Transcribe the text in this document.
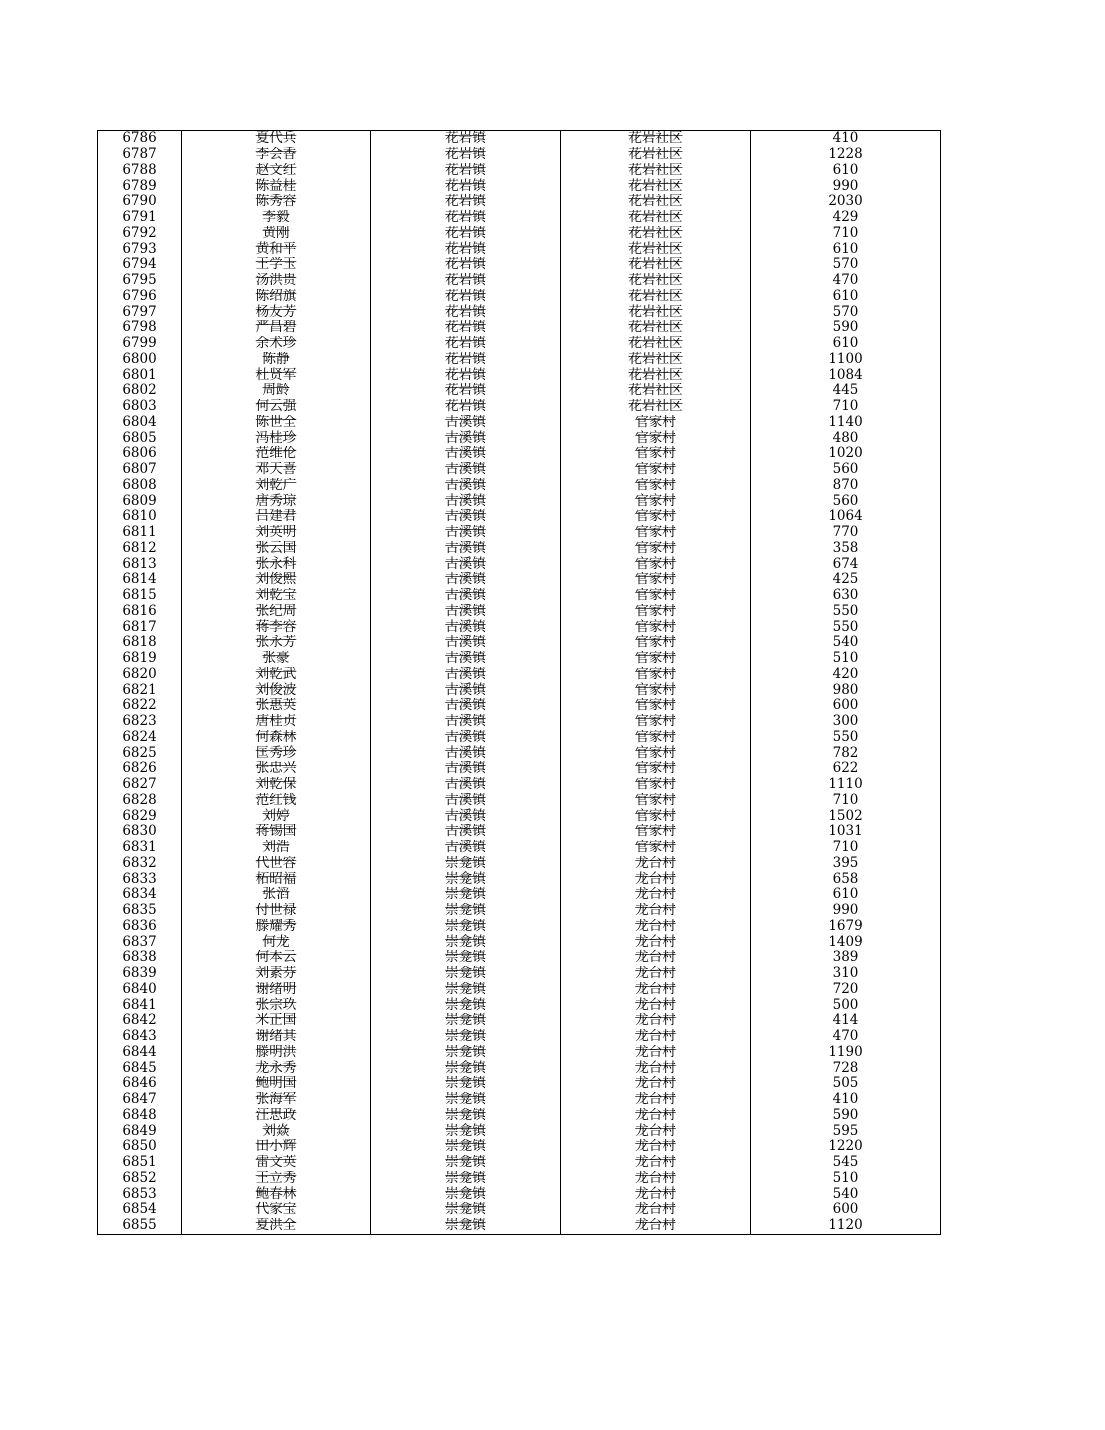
6786	夏代兵	花岩镇	花岩社区	410
6787	李会香	花岩镇	花岩社区	1228
6788	赵文红	花岩镇	花岩社区	610
6789	陈益桂	花岩镇	花岩社区	990
6790	陈秀容	花岩镇	花岩社区	2030
6791	李毅	花岩镇	花岩社区	429
6792	黄刚	花岩镇	花岩社区	710
6793	黄和平	花岩镇	花岩社区	610
6794	王学玉	花岩镇	花岩社区	570
6795	汤洪贵	花岩镇	花岩社区	470
6796	陈绍旗	花岩镇	花岩社区	610
6797	杨友芳	花岩镇	花岩社区	570
6798	严昌碧	花岩镇	花岩社区	590
6799	余术珍	花岩镇	花岩社区	610
6800	陈静	花岩镇	花岩社区	1100
6801	杜贤军	花岩镇	花岩社区	1084
6802	周龄	花岩镇	花岩社区	445
6803	何云强	花岩镇	花岩社区	710
6804	陈世全	古溪镇	官家村	1140
6805	冯桂珍	古溪镇	官家村	480
6806	范维伦	古溪镇	官家村	1020
6807	邓天喜	古溪镇	官家村	560
6808	刘乾广	古溪镇	官家村	870
6809	唐秀琼	古溪镇	官家村	560
6810	吕建君	古溪镇	官家村	1064
6811	刘英明	古溪镇	官家村	770
6812	张云国	古溪镇	官家村	358
6813	张永科	古溪镇	官家村	674
6814	刘俊熙	古溪镇	官家村	425
6815	刘乾宝	古溪镇	官家村	630
6816	张纪周	古溪镇	官家村	550
6817	蒋李容	古溪镇	官家村	550
6818	张永芳	古溪镇	官家村	540
6819	张豪	古溪镇	官家村	510
6820	刘乾武	古溪镇	官家村	420
6821	刘俊波	古溪镇	官家村	980
6822	张惠英	古溪镇	官家村	600
6823	唐桂贞	古溪镇	官家村	300
6824	何森林	古溪镇	官家村	550
6825	匡秀珍	古溪镇	官家村	782
6826	张忠兴	古溪镇	官家村	622
6827	刘乾保	古溪镇	官家村	1110
6828	范红钱	古溪镇	官家村	710
6829	刘婷	古溪镇	官家村	1502
6830	蒋锡国	古溪镇	官家村	1031
6831	刘浩	古溪镇	官家村	710
6832	代世容	崇龛镇	龙台村	395
6833	柘昭福	崇龛镇	龙台村	658
6834	张滔	崇龛镇	龙台村	610
6835	付世禄	崇龛镇	龙台村	990
6836	滕耀秀	崇龛镇	龙台村	1679
6837	何龙	崇龛镇	龙台村	1409
6838	何本云	崇龛镇	龙台村	389
6839	刘素芬	崇龛镇	龙台村	310
6840	谢绪明	崇龛镇	龙台村	720
6841	张宗玖	崇龛镇	龙台村	500
6842	米正国	崇龛镇	龙台村	414
6843	谢绪其	崇龛镇	龙台村	470
6844	滕明洪	崇龛镇	龙台村	1190
6845	龙永秀	崇龛镇	龙台村	728
6846	鲍明国	崇龛镇	龙台村	505
6847	张海军	崇龛镇	龙台村	410
6848	汪思政	崇龛镇	龙台村	590
6849	刘焱	崇龛镇	龙台村	595
6850	田小辉	崇龛镇	龙台村	1220
6851	雷文英	崇龛镇	龙台村	545
6852	王立秀	崇龛镇	龙台村	510
6853	鲍春林	崇龛镇	龙台村	540
6854	代家宝	崇龛镇	龙台村	600
6855	夏洪全	崇龛镇	龙台村	1120
